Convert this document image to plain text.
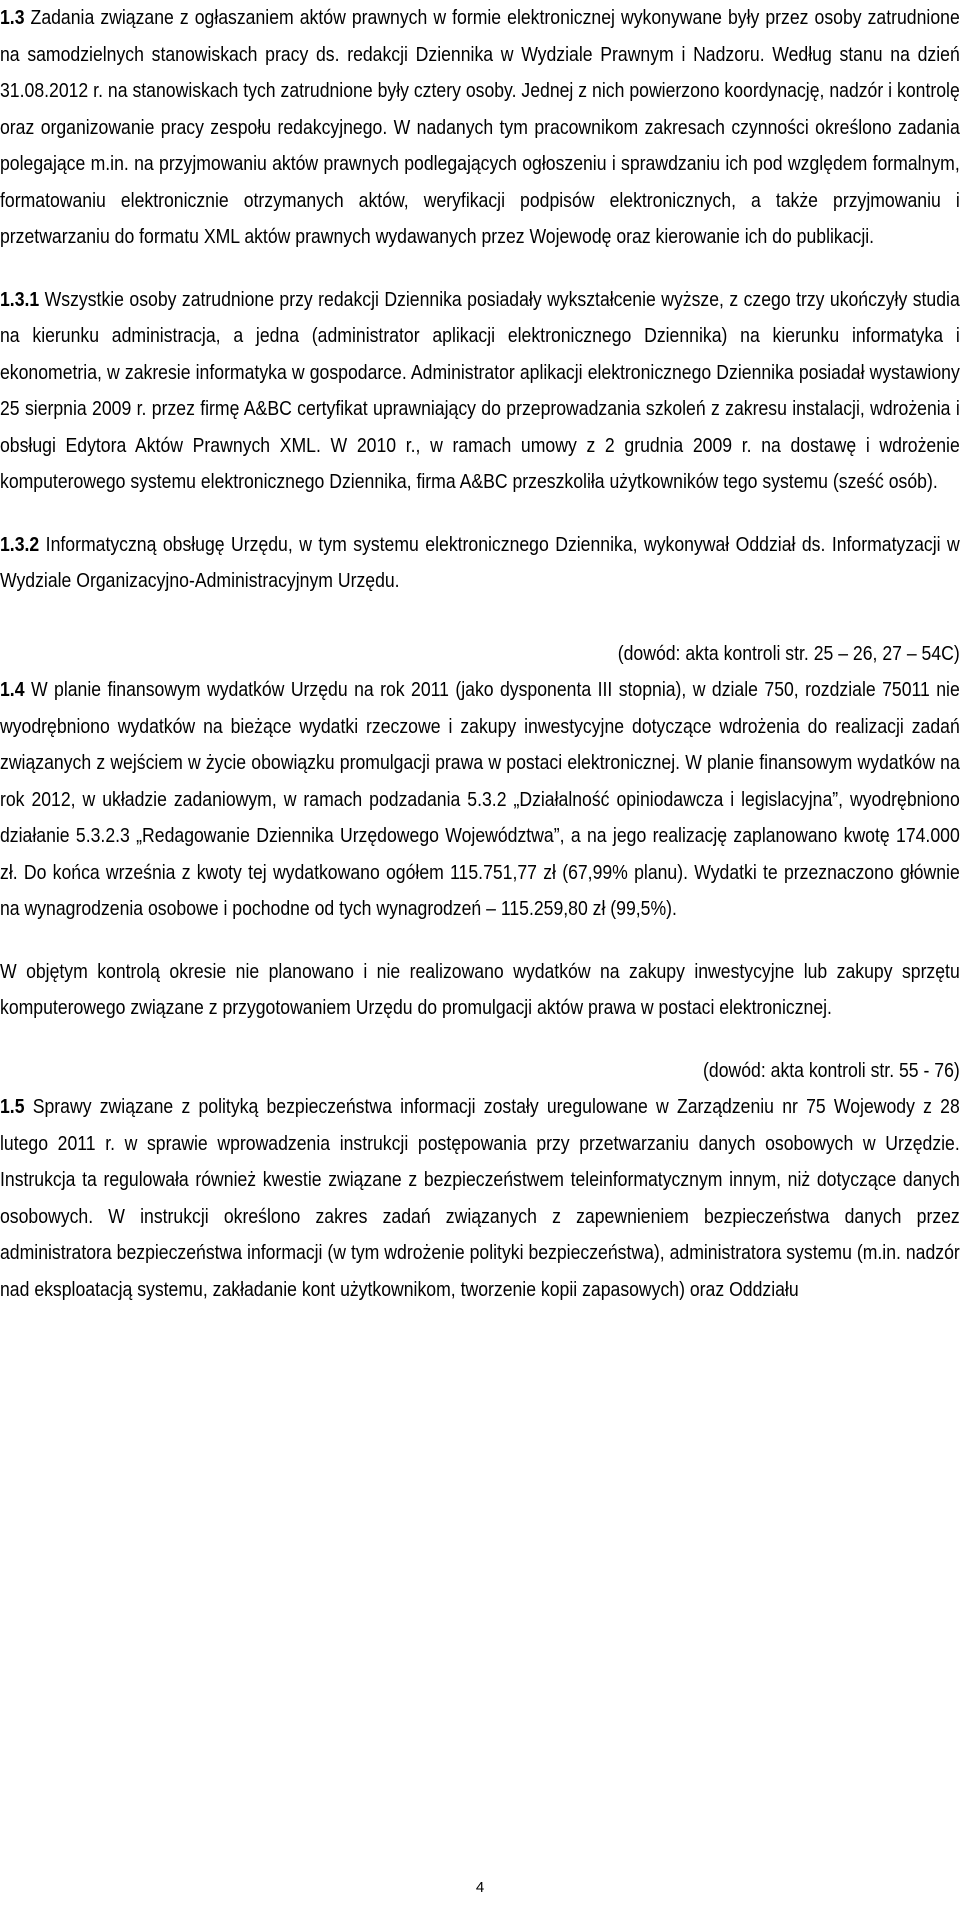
1.3 Zadania związane z ogłaszaniem aktów prawnych w formie elektronicznej wykonywane były przez osoby zatrudnione na samodzielnych stanowiskach pracy ds. redakcji Dziennika w Wydziale Prawnym i Nadzoru. Według stanu na dzień 31.08.2012 r. na stanowiskach tych zatrudnione były cztery osoby. Jednej z nich powierzono koordynację, nadzór i kontrolę oraz organizowanie pracy zespołu redakcyjnego. W nadanych tym pracownikom zakresach czynności określono zadania polegające m.in. na przyjmowaniu aktów prawnych podlegających ogłoszeniu i sprawdzaniu ich pod względem formalnym, formatowaniu elektronicznie otrzymanych aktów, weryfikacji podpisów elektronicznych, a także przyjmowaniu i przetwarzaniu do formatu XML aktów prawnych wydawanych przez Wojewodę oraz kierowanie ich do publikacji.

1.3.1 Wszystkie osoby zatrudnione przy redakcji Dziennika posiadały wykształcenie wyższe, z czego trzy ukończyły studia na kierunku administracja, a jedna (administrator aplikacji elektronicznego Dziennika) na kierunku informatyka i ekonometria, w zakresie informatyka w gospodarce. Administrator aplikacji elektronicznego Dziennika posiadał wystawiony 25 sierpnia 2009 r. przez firmę A&BC certyfikat uprawniający do przeprowadzania szkoleń z zakresu instalacji, wdrożenia i obsługi Edytora Aktów Prawnych XML. W 2010 r., w ramach umowy z 2 grudnia 2009 r. na dostawę i wdrożenie komputerowego systemu elektronicznego Dziennika, firma A&BC przeszkoliła użytkowników tego systemu (sześć osób).

1.3.2 Informatyczną obsługę Urzędu, w tym systemu elektronicznego Dziennika, wykonywał Oddział ds. Informatyzacji w Wydziale Organizacyjno-Administracyjnym Urzędu.

(dowód: akta kontroli str. 25 – 26, 27 – 54C)

1.4 W planie finansowym wydatków Urzędu na rok 2011 (jako dysponenta III stopnia), w dziale 750, rozdziale 75011 nie wyodrębniono wydatków na bieżące wydatki rzeczowe i zakupy inwestycyjne dotyczące wdrożenia do realizacji zadań związanych z wejściem w życie obowiązku promulgacji prawa w postaci elektronicznej. W planie finansowym wydatków na rok 2012, w układzie zadaniowym, w ramach podzadania 5.3.2 „Działalność opiniodawcza i legislacyjna”, wyodrębniono działanie 5.3.2.3 „Redagowanie Dziennika Urzędowego Województwa”, a na jego realizację zaplanowano kwotę 174.000 zł. Do końca września z kwoty tej wydatkowano ogółem 115.751,77 zł (67,99% planu). Wydatki te przeznaczono głównie na wynagrodzenia osobowe i pochodne od tych wynagrodzeń – 115.259,80 zł (99,5%).

W objętym kontrolą okresie nie planowano i nie realizowano wydatków na zakupy inwestycyjne lub zakupy sprzętu komputerowego związane z przygotowaniem Urzędu do promulgacji aktów prawa w postaci elektronicznej.

(dowód: akta kontroli str. 55 - 76)

1.5 Sprawy związane z polityką bezpieczeństwa informacji zostały uregulowane w Zarządzeniu nr 75 Wojewody z 28 lutego 2011 r. w sprawie wprowadzenia instrukcji postępowania przy przetwarzaniu danych osobowych w Urzędzie. Instrukcja ta regulowała również kwestie związane z bezpieczeństwem teleinformatycznym innym, niż dotyczące danych osobowych. W instrukcji określono zakres zadań związanych z zapewnieniem bezpieczeństwa danych przez administratora bezpieczeństwa informacji (w tym wdrożenie polityki bezpieczeństwa), administratora systemu (m.in. nadzór nad eksploatacją systemu, zakładanie kont użytkownikom, tworzenie kopii zapasowych) oraz Oddziału

4
